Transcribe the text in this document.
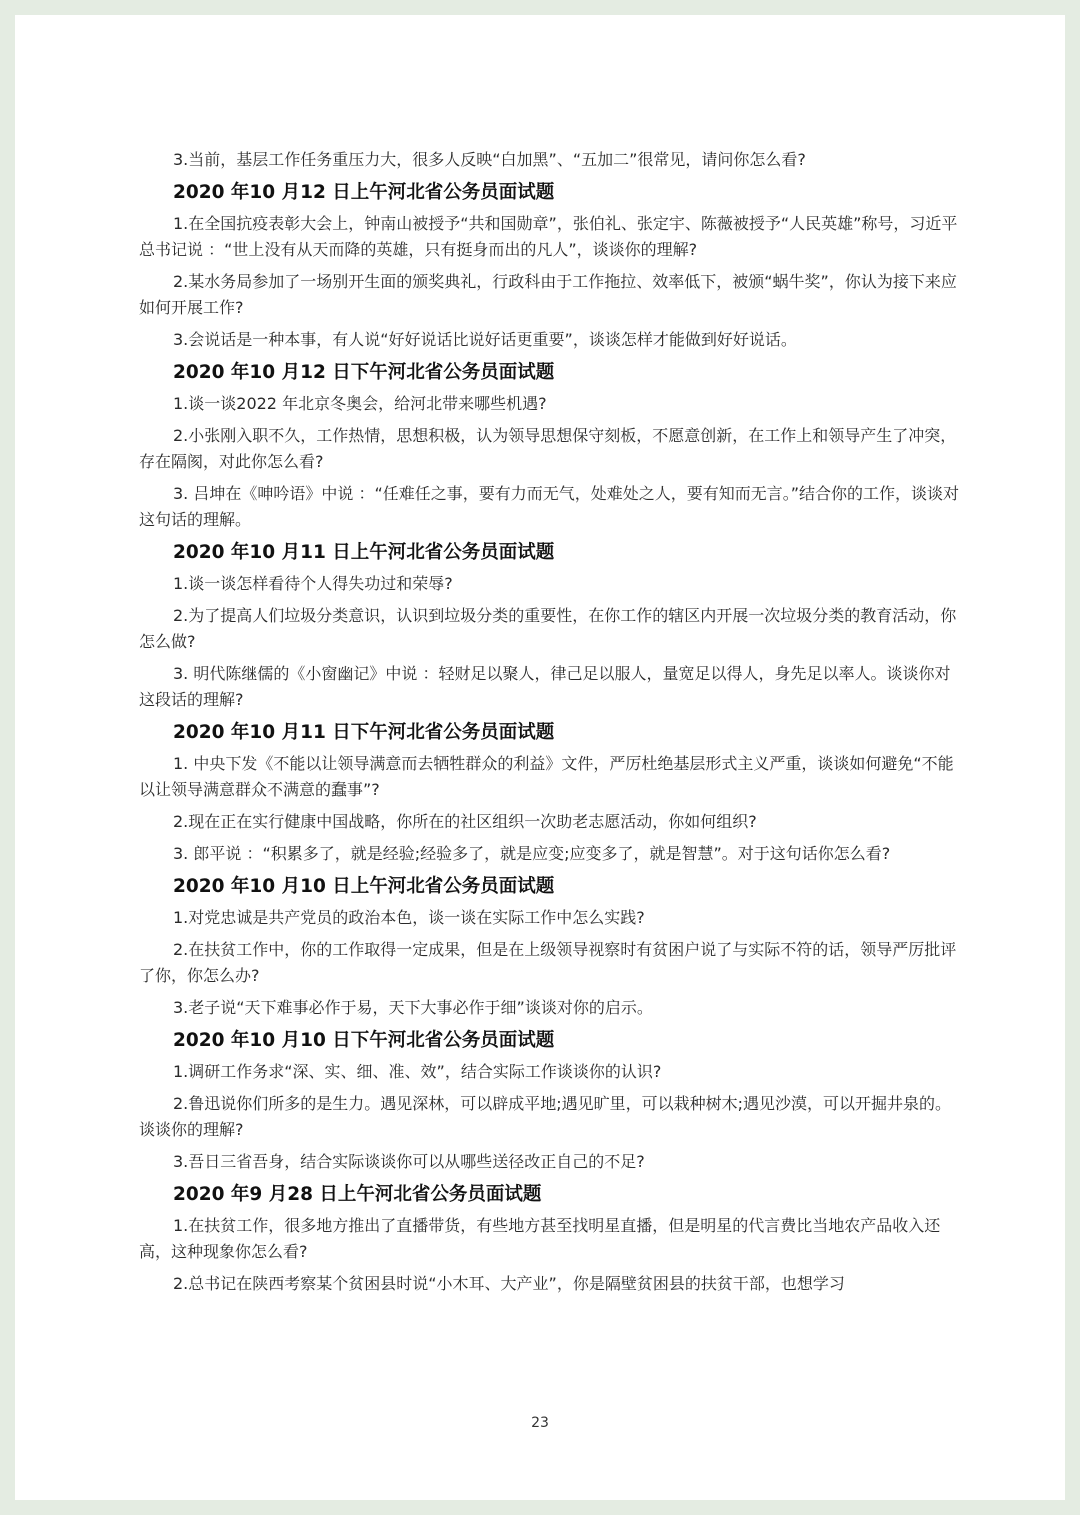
3.当前，基层工作任务重压力大，很多人反映“白加黑”、“五加二”很常见，请问你怎么看?

2020 年10 月12 日上午河北省公务员面试题

1.在全国抗疫表彰大会上，钟南山被授予“共和国勋章”，张伯礼、张定宇、陈薇被授予“人民英雄”称号，习近平总书记说 ：“世上没有从天而降的英雄，只有挺身而出的凡人”，谈谈你的理解?

2.某水务局参加了一场别开生面的颁奖典礼，行政科由于工作拖拉、效率低下，被颁“蜗牛奖”，你认为接下来应如何开展工作?

3.会说话是一种本事，有人说“好好说话比说好话更重要”，谈谈怎样才能做到好好说话。

2020 年10 月12 日下午河北省公务员面试题

1.谈一谈2022 年北京冬奥会，给河北带来哪些机遇?

2.小张刚入职不久，工作热情，思想积极，认为领导思想保守刻板，不愿意创新，在工作上和领导产生了冲突，存在隔阂，对此你怎么看?

3. 吕坤在《呻吟语》中说 ：“任难任之事，要有力而无气，处难处之人，要有知而无言。”结合你的工作，谈谈对这句话的理解。

2020 年10 月11 日上午河北省公务员面试题

1.谈一谈怎样看待个人得失功过和荣辱?

2.为了提高人们垃圾分类意识，认识到垃圾分类的重要性，在你工作的辖区内开展一次垃圾分类的教育活动，你怎么做?

3. 明代陈继儒的《小窗幽记》中说 ：轻财足以聚人，律己足以服人，量宽足以得人，身先足以率人。谈谈你对这段话的理解?

2020 年10 月11 日下午河北省公务员面试题

1. 中央下发《不能以让领导满意而去牺牲群众的利益》文件，严厉杜绝基层形式主义严重，谈谈如何避免“不能以让领导满意群众不满意的蠢事”?

2.现在正在实行健康中国战略，你所在的社区组织一次助老志愿活动，你如何组织?

3. 郎平说 ：“积累多了，就是经验;经验多了，就是应变;应变多了，就是智慧”。对于这句话你怎么看?

2020 年10 月10 日上午河北省公务员面试题

1.对党忠诚是共产党员的政治本色，谈一谈在实际工作中怎么实践?

2.在扶贫工作中，你的工作取得一定成果，但是在上级领导视察时有贫困户说了与实际不符的话，领导严厉批评了你，你怎么办?

3.老子说“天下难事必作于易，天下大事必作于细”谈谈对你的启示。

2020 年10 月10 日下午河北省公务员面试题

1.调研工作务求“深、实、细、准、效”，结合实际工作谈谈你的认识?

2.鲁迅说你们所多的是生力。遇见深林，可以辟成平地;遇见旷里，可以栽种树木;遇见沙漠，可以开掘井泉的。谈谈你的理解?

3.吾日三省吾身，结合实际谈谈你可以从哪些送径改正自己的不足?

2020 年9 月28 日上午河北省公务员面试题

1.在扶贫工作，很多地方推出了直播带货，有些地方甚至找明星直播，但是明星的代言费比当地农产品收入还高，这种现象你怎么看?

2.总书记在陕西考察某个贫困县时说“小木耳、大产业”，你是隔壁贫困县的扶贫干部，也想学习

23
